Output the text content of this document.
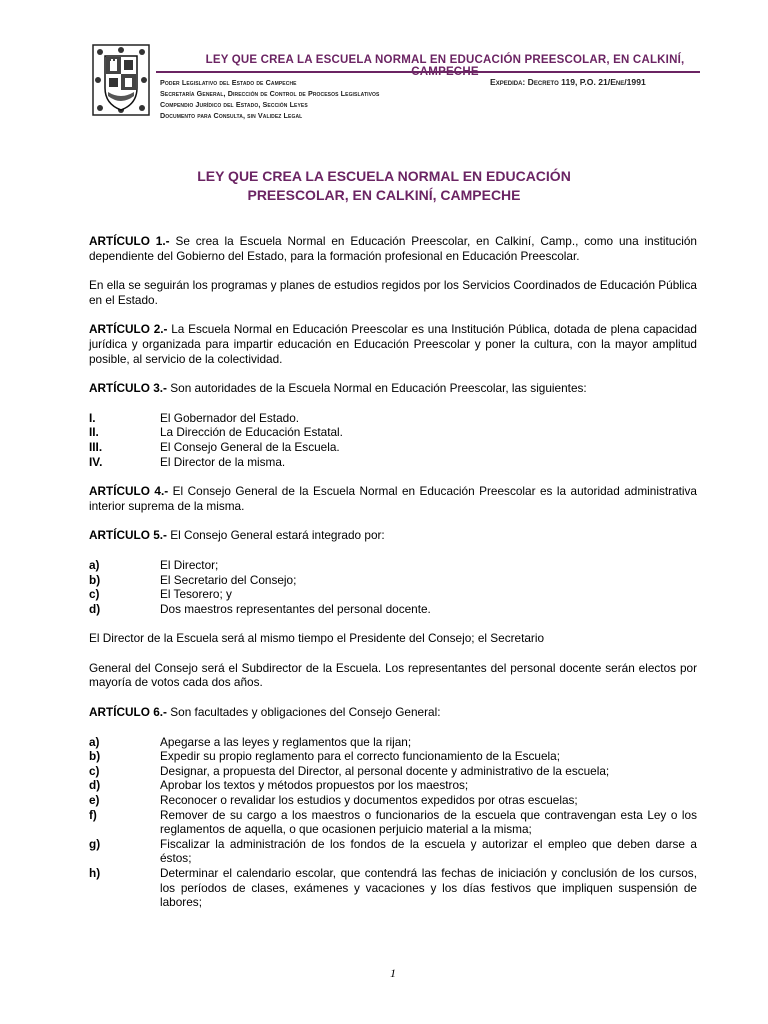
LEY QUE CREA LA ESCUELA NORMAL EN EDUCACIÓN PREESCOLAR, EN CALKINÍ,
Poder Legislativo del Estado de Campeche
Secretaría General, Dirección de Control de Procesos Legislativos
Compendio Jurídico del Estado, Sección Leyes
Documento para Consulta, sin Validez Legal
Expedida: Decreto 119, P.O. 21/Ene/1991
LEY QUE CREA LA ESCUELA NORMAL EN EDUCACIÓN
PREESCOLAR, EN CALKINÍ, CAMPECHE

ARTÍCULO 1.- Se crea la Escuela Normal en Educación Preescolar, en Calkiní, Camp., como una institución dependiente del Gobierno del Estado, para la formación profesional en Educación Preescolar.

En ella se seguirán los programas y planes de estudios regidos por los Servicios Coordinados de Educación Pública en el Estado.

ARTÍCULO 2.- La Escuela Normal en Educación Preescolar es una Institución Pública, dotada de plena capacidad jurídica y organizada para impartir educación en Educación Preescolar y poner la cultura, con la mayor amplitud posible, al servicio de la colectividad.

ARTÍCULO 3.- Son autoridades de la Escuela Normal en Educación Preescolar, las siguientes:

I.	El Gobernador del Estado.
II.	La Dirección de Educación Estatal.
III.	El Consejo General de la Escuela.
IV.	El Director de la misma.

ARTÍCULO 4.- El Consejo General de la Escuela Normal en Educación Preescolar es la autoridad administrativa interior suprema de la misma.

ARTÍCULO 5.- El Consejo General estará integrado por:

a)	El Director;
b)	El Secretario del Consejo;
c)	El Tesorero; y
d)	Dos maestros representantes del personal docente.

El Director de la Escuela será al mismo tiempo el Presidente del Consejo; el Secretario

General del Consejo será el Subdirector de la Escuela. Los representantes del personal docente serán electos por mayoría de votos cada dos años.

ARTÍCULO 6.- Son facultades y obligaciones del Consejo General:

a)	Apegarse a las leyes y reglamentos que la rijan;
b)	Expedir su propio reglamento para el correcto funcionamiento de la Escuela;
c)	Designar, a propuesta del Director, al personal docente y administrativo de la escuela;
d)	Aprobar los textos y métodos propuestos por los maestros;
e)	Reconocer o revalidar los estudios y documentos expedidos por otras escuelas;
f)	Remover de su cargo a los maestros o funcionarios de la escuela que contravengan esta Ley o los reglamentos de aquella, o que ocasionen perjuicio material a la misma;
g)	Fiscalizar la administración de los fondos de la escuela y autorizar el empleo que deben darse a éstos;
h)	Determinar el calendario escolar, que contendrá las fechas de iniciación y conclusión de los cursos, los períodos de clases, exámenes y vacaciones y los días festivos que impliquen suspensión de labores;
1
